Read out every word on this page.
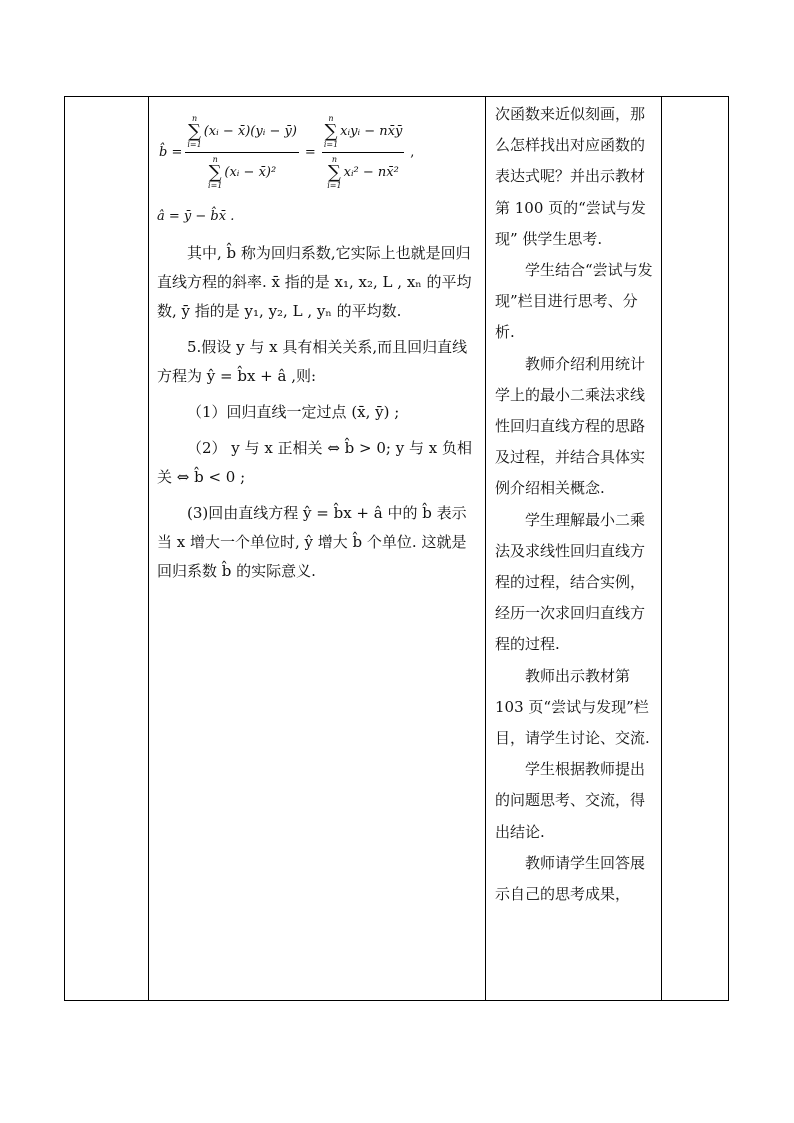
b̂ = n
∑
i=1
(xᵢ − x̄)(yᵢ − ȳ)
n
∑
i=1
(xᵢ − x̄)² = n
∑
i=1
xᵢyᵢ − nx̄ȳ
n
∑
i=1
xᵢ² − nx̄² ,
â = ȳ − b̂x̄ .

其中, b̂ 称为回归系数,它实际上也就是回归直线方程的斜率. x̄ 指的是 x₁, x₂, L , xₙ 的平均数, ȳ 指的是 y₁, y₂, L , yₙ 的平均数.

5.假设 y 与 x 具有相关关系,而且回归直线方程为 ŷ = b̂x + â ,则:

（1）回归直线一定过点 (x̄, ȳ) ;

（2） y 与 x 正相关 ⇔ b̂ > 0; y 与 x 负相关 ⇔ b̂ < 0 ;

(3)回由直线方程 ŷ = b̂x + â 中的 b̂ 表示当 x 增大一个单位时, ŷ 增大 b̂ 个单位. 这就是回归系数 b̂ 的实际意义.

次函数来近似刻画，那么怎样找出对应函数的表达式呢？并出示教材第 100 页的“尝试与发现” 供学生思考.

学生结合“尝试与发现”栏目进行思考、分析.

教师介绍利用统计学上的最小二乘法求线性回归直线方程的思路及过程，并结合具体实例介绍相关概念.

学生理解最小二乘法及求线性回归直线方程的过程，结合实例，经历一次求回归直线方程的过程.

教师出示教材第 103 页“尝试与发现”栏目，请学生讨论、交流.

学生根据教师提出的问题思考、交流，得出结论.

教师请学生回答展示自己的思考成果，
